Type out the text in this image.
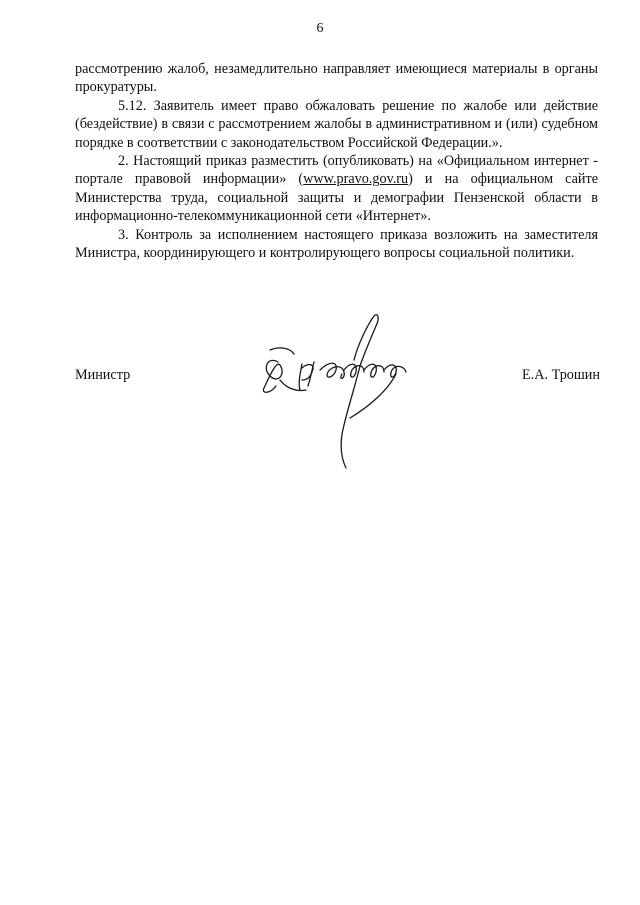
6

рассмотрению жалоб, незамедлительно направляет имеющиеся материалы в органы прокуратуры.

5.12. Заявитель имеет право обжаловать решение по жалобе или действие (бездействие) в связи с рассмотрением жалобы в административном и (или) судебном порядке в соответствии с законодательством Российской Федерации.».

2. Настоящий приказ разместить (опубликовать) на «Официальном интернет - портале правовой информации» (www.pravo.gov.ru) и на официальном сайте Министерства труда, социальной защиты и демографии Пензенской области в информационно-телекоммуникационной сети «Интернет».

3. Контроль за исполнением настоящего приказа возложить на заместителя Министра, координирующего и контролирующего вопросы социальной политики.

Министр	Е.А. Трошин
